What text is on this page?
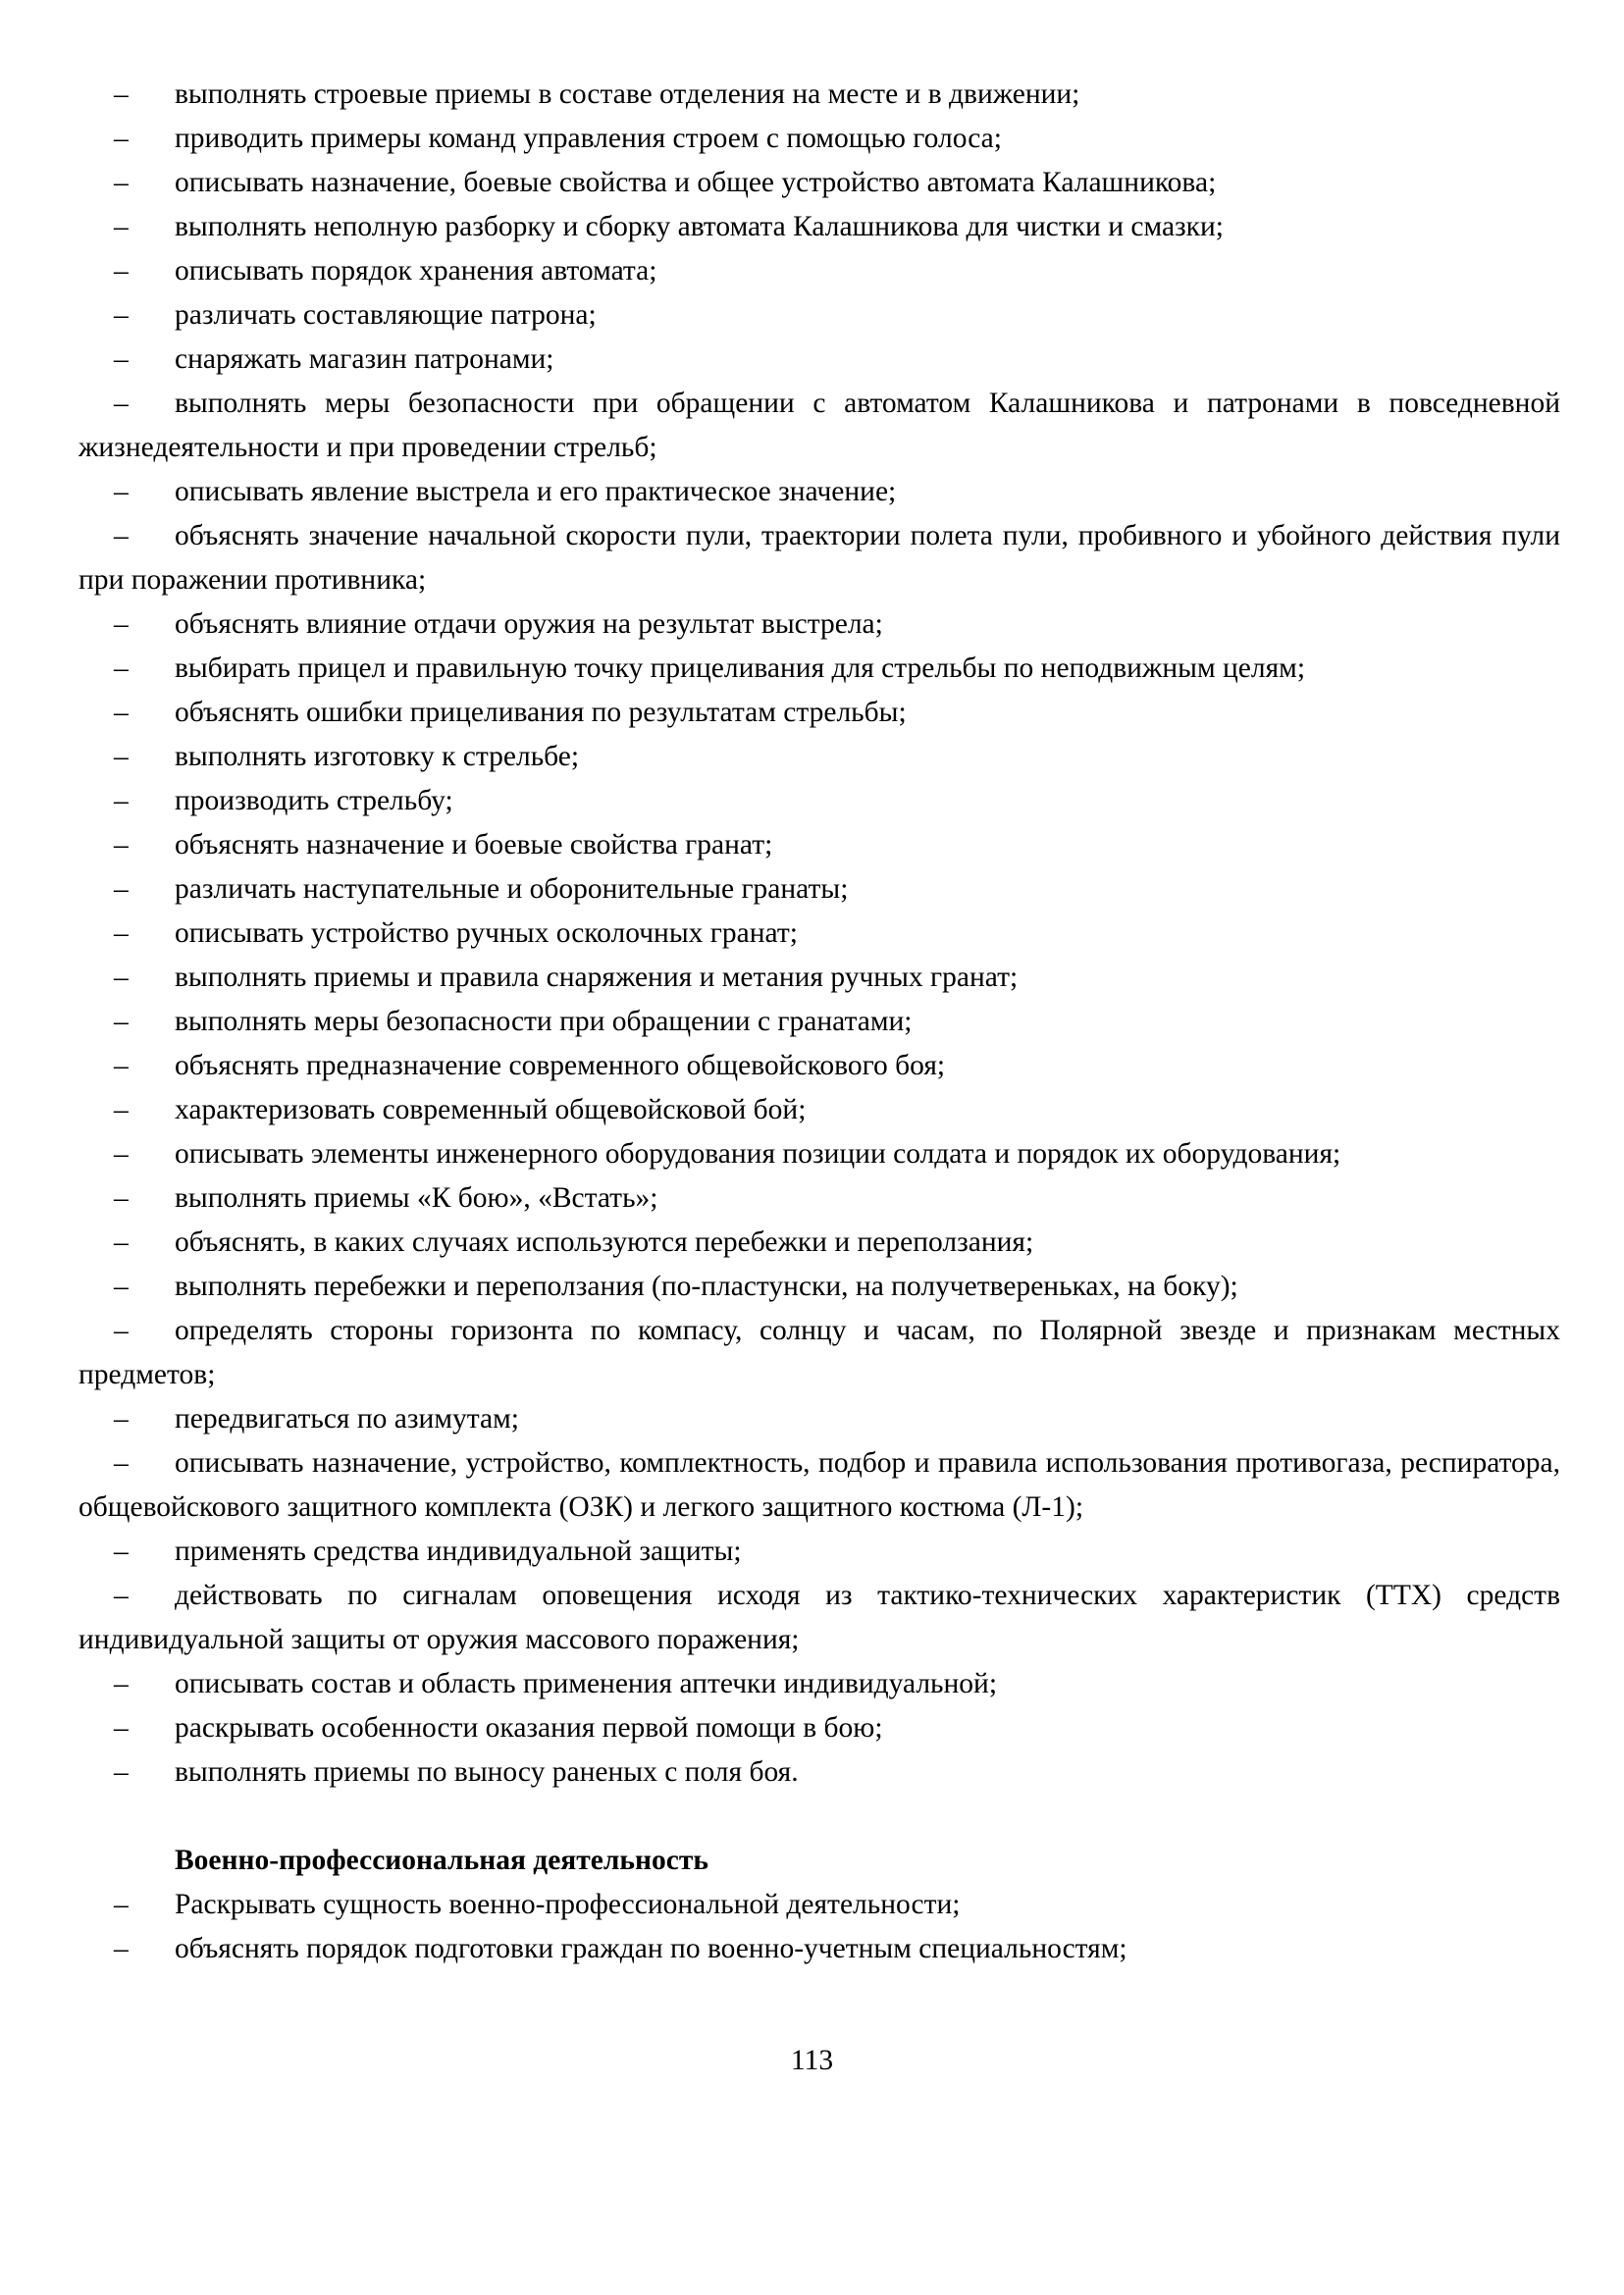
– выполнять строевые приемы в составе отделения на месте и в движении;

– приводить примеры команд управления строем с помощью голоса;

– описывать назначение, боевые свойства и общее устройство автомата Калашникова;

– выполнять неполную разборку и сборку автомата Калашникова для чистки и смазки;

– описывать порядок хранения автомата;

– различать составляющие патрона;

– снаряжать магазин патронами;

– выполнять меры безопасности при обращении с автоматом Калашникова и патронами в повседневной жизнедеятельности и при проведении стрельб;

– описывать явление выстрела и его практическое значение;

– объяснять значение начальной скорости пули, траектории полета пули, пробивного и убойного действия пули при поражении противника;

– объяснять влияние отдачи оружия на результат выстрела;

– выбирать прицел и правильную точку прицеливания для стрельбы по неподвижным целям;

– объяснять ошибки прицеливания по результатам стрельбы;

– выполнять изготовку к стрельбе;

– производить стрельбу;

– объяснять назначение и боевые свойства гранат;

– различать наступательные и оборонительные гранаты;

– описывать устройство ручных осколочных гранат;

– выполнять приемы и правила снаряжения и метания ручных гранат;

– выполнять меры безопасности при обращении с гранатами;

– объяснять предназначение современного общевойскового боя;

– характеризовать современный общевойсковой бой;

– описывать элементы инженерного оборудования позиции солдата и порядок их оборудования;

– выполнять приемы «К бою», «Встать»;

– объяснять, в каких случаях используются перебежки и переползания;

– выполнять перебежки и переползания (по-пластунски, на получетвереньках, на боку);

– определять стороны горизонта по компасу, солнцу и часам, по Полярной звезде и признакам местных предметов;

– передвигаться по азимутам;

– описывать назначение, устройство, комплектность, подбор и правила использования противогаза, респиратора, общевойскового защитного комплекта (ОЗК) и легкого защитного костюма (Л-1);

– применять средства индивидуальной защиты;

– действовать по сигналам оповещения исходя из тактико-технических характеристик (ТТХ) средств индивидуальной защиты от оружия массового поражения;

– описывать состав и область применения аптечки индивидуальной;

– раскрывать особенности оказания первой помощи в бою;

– выполнять приемы по выносу раненых с поля боя.

Военно-профессиональная деятельность

– Раскрывать сущность военно-профессиональной деятельности;

– объяснять порядок подготовки граждан по военно-учетным специальностям;

113
